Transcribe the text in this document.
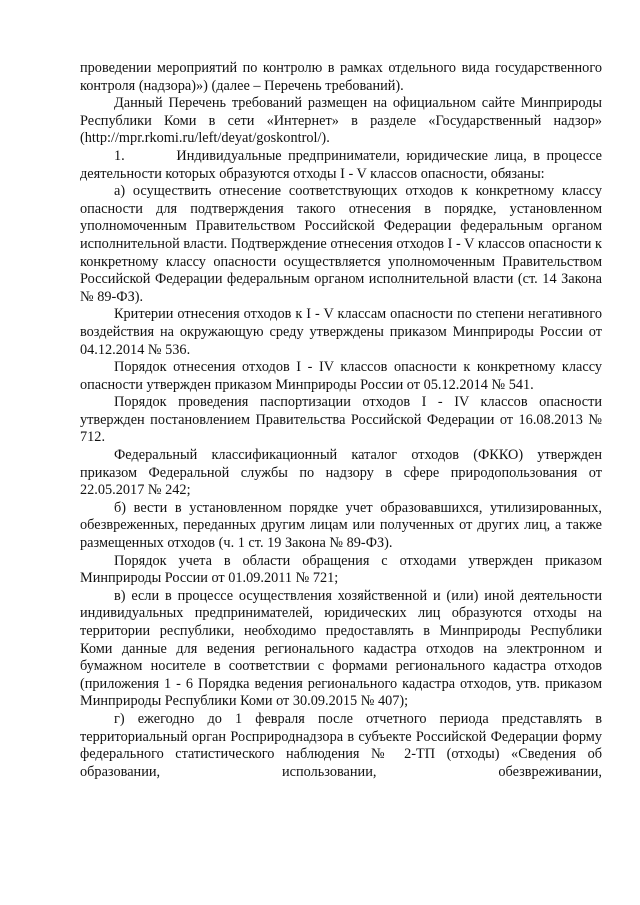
проведении мероприятий по контролю в рамках отдельного вида государственного контроля (надзора)») (далее – Перечень требований).

Данный Перечень требований размещен на официальном сайте Минприроды Республики Коми в сети «Интернет» в разделе «Государственный надзор» (http://mpr.rkomi.ru/left/deyat/goskontrol/).

1.        Индивидуальные предприниматели, юридические лица, в процессе деятельности которых образуются отходы I - V классов опасности, обязаны:

а) осуществить отнесение соответствующих отходов к конкретному классу опасности для подтверждения такого отнесения в порядке, установленном уполномоченным Правительством Российской Федерации федеральным органом исполнительной власти. Подтверждение отнесения отходов I - V классов опасности к конкретному классу опасности осуществляется уполномоченным Правительством Российской Федерации федеральным органом исполнительной власти (ст. 14 Закона № 89-ФЗ).

Критерии отнесения отходов к I - V классам опасности по степени негативного воздействия на окружающую среду утверждены приказом Минприроды России от 04.12.2014 № 536.

Порядок отнесения отходов I - IV классов опасности к конкретному классу опасности утвержден приказом Минприроды России от 05.12.2014 № 541.

Порядок проведения паспортизации отходов I - IV классов опасности утвержден постановлением Правительства Российской Федерации от 16.08.2013 № 712.

Федеральный классификационный каталог отходов (ФККО) утвержден приказом Федеральной службы по надзору в сфере природопользования от 22.05.2017 № 242;

б) вести в установленном порядке учет образовавшихся, утилизированных, обезвреженных, переданных другим лицам или полученных от других лиц, а также размещенных отходов (ч. 1 ст. 19 Закона № 89-ФЗ).

Порядок учета в области обращения с отходами утвержден приказом Минприроды России от 01.09.2011 № 721;

в) если в процессе осуществления хозяйственной и (или) иной деятельности индивидуальных предпринимателей, юридических лиц образуются отходы на территории республики, необходимо предоставлять в Минприроды Республики Коми данные для ведения регионального кадастра отходов на электронном и бумажном носителе в соответствии с формами регионального кадастра отходов (приложения 1 - 6 Порядка ведения регионального кадастра отходов, утв. приказом Минприроды Республики Коми от 30.09.2015 № 407);

г) ежегодно до 1 февраля после отчетного периода представлять в территориальный орган Росприроднадзора в субъекте Российской Федерации форму федерального статистического наблюдения № 2-ТП (отходы) «Сведения об образовании, использовании, обезвреживании,
